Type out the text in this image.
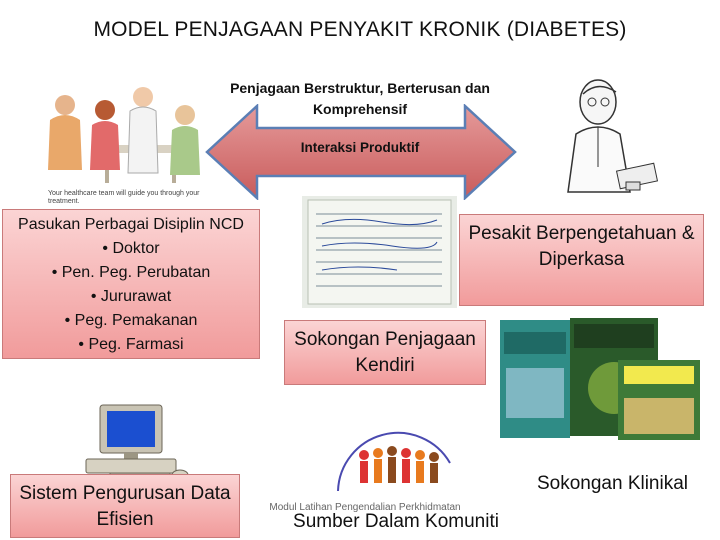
MODEL PENJAGAAN PENYAKIT KRONIK (DIABETES)
Your healthcare team will guide you through your treatment.
Penjagaan Berstruktur, Berterusan dan Komprehensif
Interaksi Produktif
Pasukan Perbagai Disiplin NCD
• Doktor
• Pen. Peg. Perubatan
• Jururawat
• Peg. Pemakanan
• Peg. Farmasi
Pesakit Berpengetahuan & Diperkasa
Sokongan Penjagaan Kendiri
Sistem Pengurusan Data Efisien
Sokongan Klinikal
Sumber Dalam Komuniti
Modul Latihan Pengendalian Perkhidmatan
